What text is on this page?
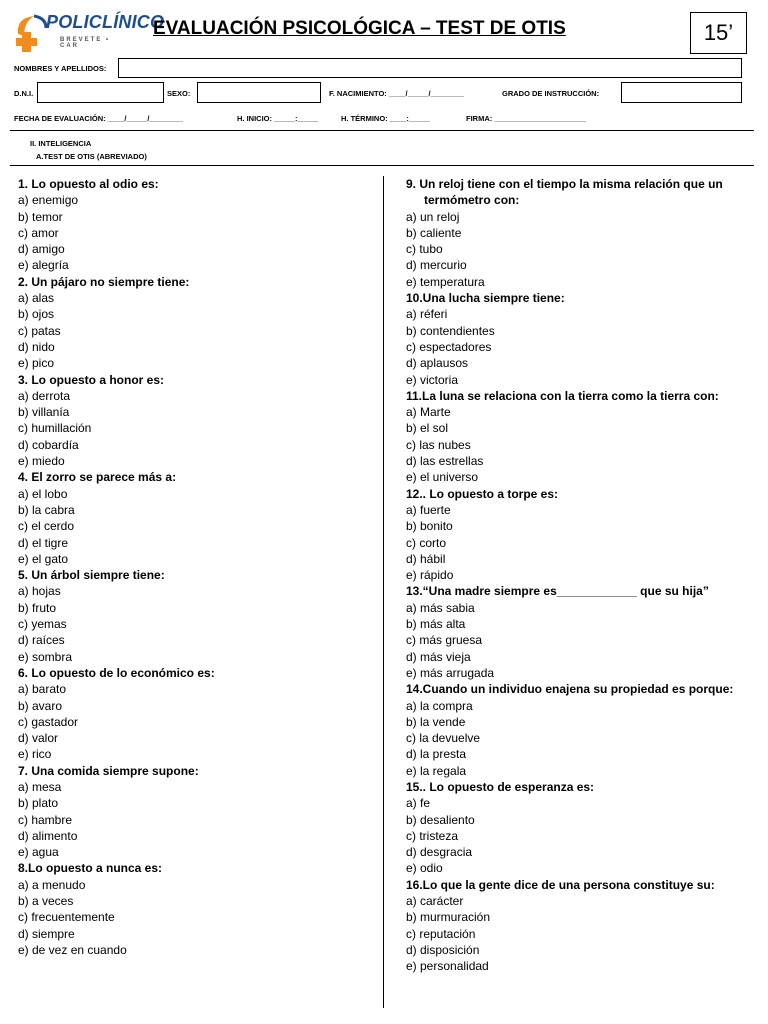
POLICLÍNICO
BREVETE • CAR
EVALUACIÓN PSICOLÓGICA – TEST DE OTIS	15’
NOMBRES Y APELLIDOS:
D.N.I.	SEXO:	F. NACIMIENTO: ____/_____/________	GRADO DE INSTRUCCIÓN:
FECHA DE EVALUACIÓN: ____/_____/________	H. INICIO: _____:_____	H. TÉRMINO: ____:_____	FIRMA: ______________________
II. INTELIGENCIA
A.TEST DE OTIS (ABREVIADO)
1. Lo opuesto al odio es:
a) enemigo
b) temor
c) amor
d) amigo
e) alegría
2. Un pájaro no siempre tiene:
a) alas
b) ojos
c) patas
d) nido
e) pico
3. Lo opuesto a honor es:
a) derrota
b) villanía
c) humillación
d) cobardía
e) miedo
4. El zorro se parece más a:
a) el lobo
b) la cabra
c) el cerdo
d) el tigre
e) el gato
5. Un árbol siempre tiene:
a) hojas
b) fruto
c) yemas
d) raíces
e) sombra
6. Lo opuesto de lo económico es:
a) barato
b) avaro
c) gastador
d) valor
e) rico
7. Una comida siempre supone:
a) mesa
b) plato
c) hambre
d) alimento
e) agua
8.Lo opuesto a nunca es:
a) a menudo
b) a veces
c) frecuentemente
d) siempre
e) de vez en cuando
9. Un reloj tiene con el tiempo la misma relación que un
termómetro con:
a) un reloj
b) caliente
c) tubo
d) mercurio
e) temperatura
10.Una lucha siempre tiene:
a) réferi
b) contendientes
c) espectadores
d) aplausos
e) victoria
11.La luna se relaciona con la tierra como la tierra con:
a) Marte
b) el sol
c) las nubes
d) las estrellas
e) el universo
12.. Lo opuesto a torpe es:
a) fuerte
b) bonito
c) corto
d) hábil
e) rápido
13.“Una madre siempre es____________ que su hija”
a) más sabia
b) más alta
c) más gruesa
d) más vieja
e) más arrugada
14.Cuando un individuo enajena su propiedad es porque:
a) la compra
b) la vende
c) la devuelve
d) la presta
e) la regala
15.. Lo opuesto de esperanza es:
a) fe
b) desaliento
c) tristeza
d) desgracia
e) odio
16.Lo que la gente dice de una persona constituye su:
a) carácter
b) murmuración
c) reputación
d) disposición
e) personalidad
